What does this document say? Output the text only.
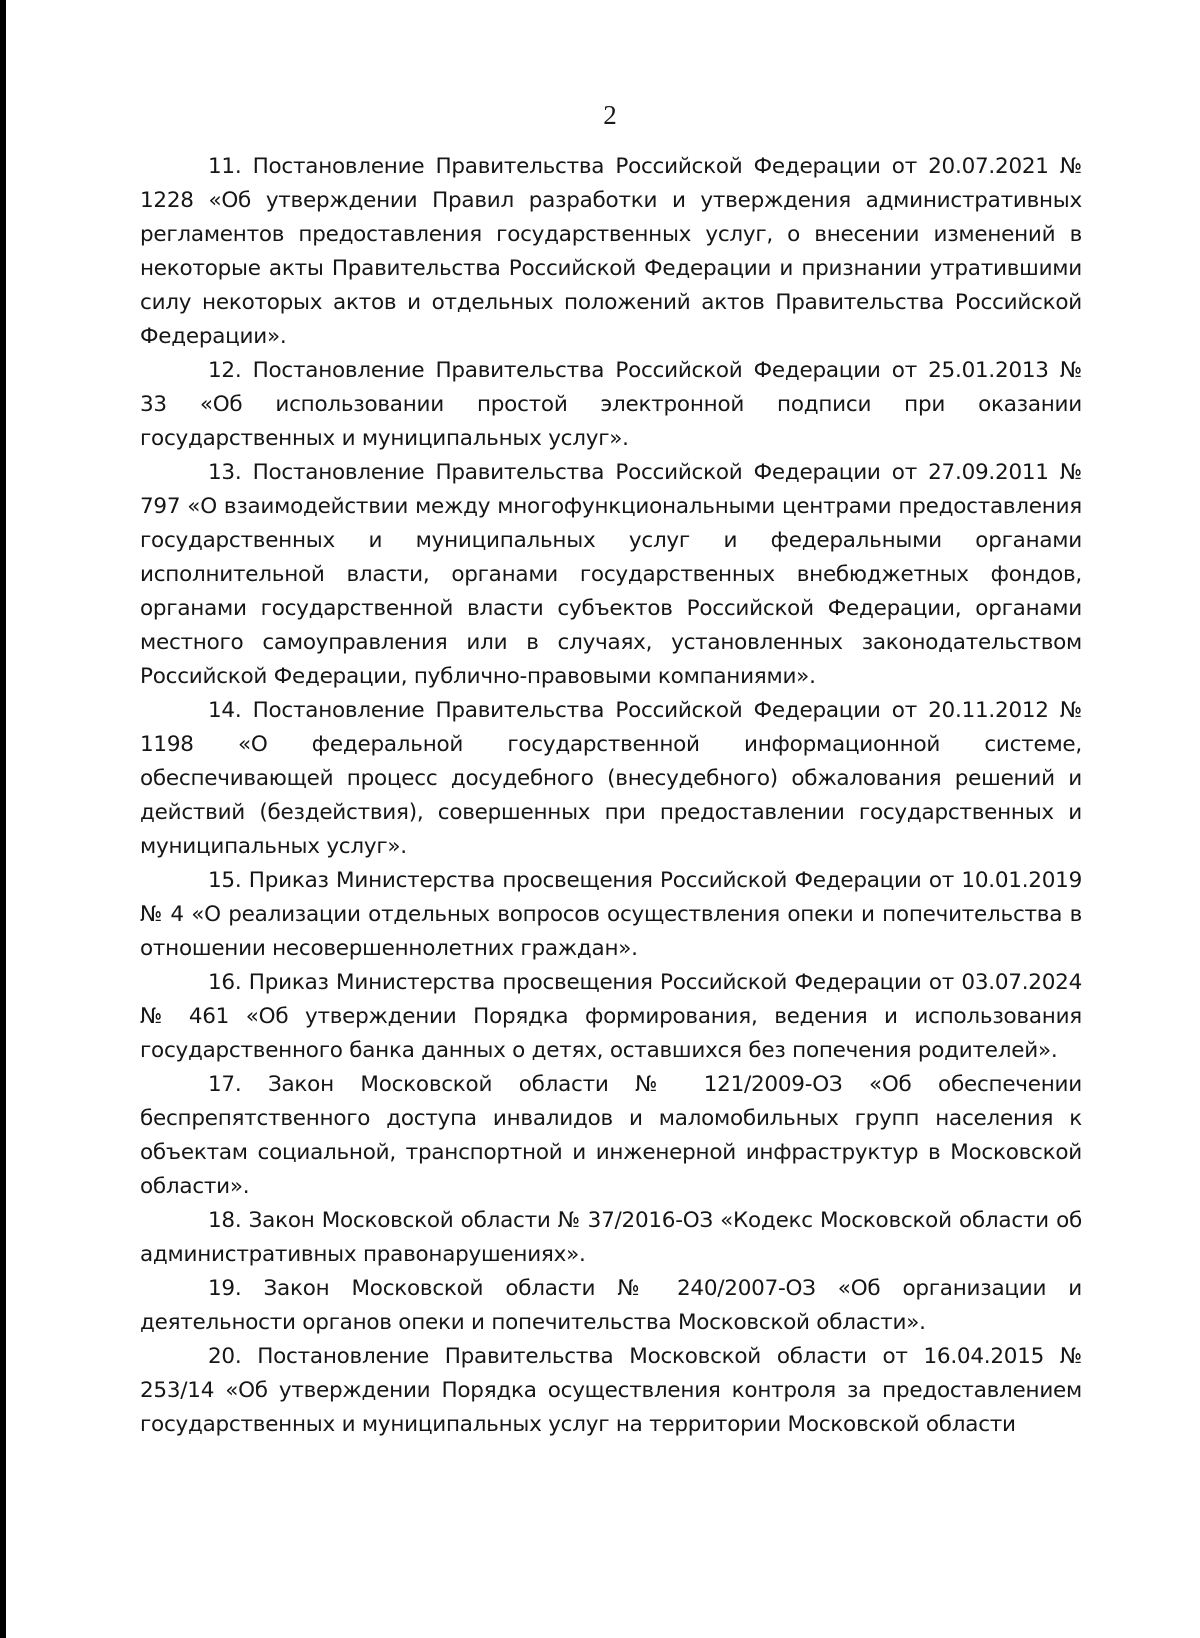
2

11. Постановление Правительства Российской Федерации от 20.07.2021 № 1228 «Об утверждении Правил разработки и утверждения административных регламентов предоставления государственных услуг, о внесении изменений в некоторые акты Правительства Российской Федерации и признании утратившими силу некоторых актов и отдельных положений актов Правительства Российской Федерации».

12. Постановление Правительства Российской Федерации от 25.01.2013 № 33 «Об использовании простой электронной подписи при оказании государственных и муниципальных услуг».

13. Постановление Правительства Российской Федерации от 27.09.2011 № 797 «О взаимодействии между многофункциональными центрами предоставления государственных и муниципальных услуг и федеральными органами исполнительной власти, органами государственных внебюджетных фондов, органами государственной власти субъектов Российской Федерации, органами местного самоуправления или в случаях, установленных законодательством Российской Федерации, публично-правовыми компаниями».

14. Постановление Правительства Российской Федерации от 20.11.2012 № 1198 «О федеральной государственной информационной системе, обеспечивающей процесс досудебного (внесудебного) обжалования решений и действий (бездействия), совершенных при предоставлении государственных и муниципальных услуг».

15. Приказ Министерства просвещения Российской Федерации от 10.01.2019 № 4 «О реализации отдельных вопросов осуществления опеки и попечительства в отношении несовершеннолетних граждан».

16. Приказ Министерства просвещения Российской Федерации от 03.07.2024 № 461 «Об утверждении Порядка формирования, ведения и использования государственного банка данных о детях, оставшихся без попечения родителей».

17. Закон Московской области № 121/2009-ОЗ «Об обеспечении беспрепятственного доступа инвалидов и маломобильных групп населения к объектам социальной, транспортной и инженерной инфраструктур в Московской области».

18. Закон Московской области № 37/2016-ОЗ «Кодекс Московской области об административных правонарушениях».

19. Закон Московской области № 240/2007-ОЗ «Об организации и деятельности органов опеки и попечительства Московской области».

20. Постановление Правительства Московской области от 16.04.2015 № 253/14 «Об утверждении Порядка осуществления контроля за предоставлением государственных и муниципальных услуг на территории Московской области
